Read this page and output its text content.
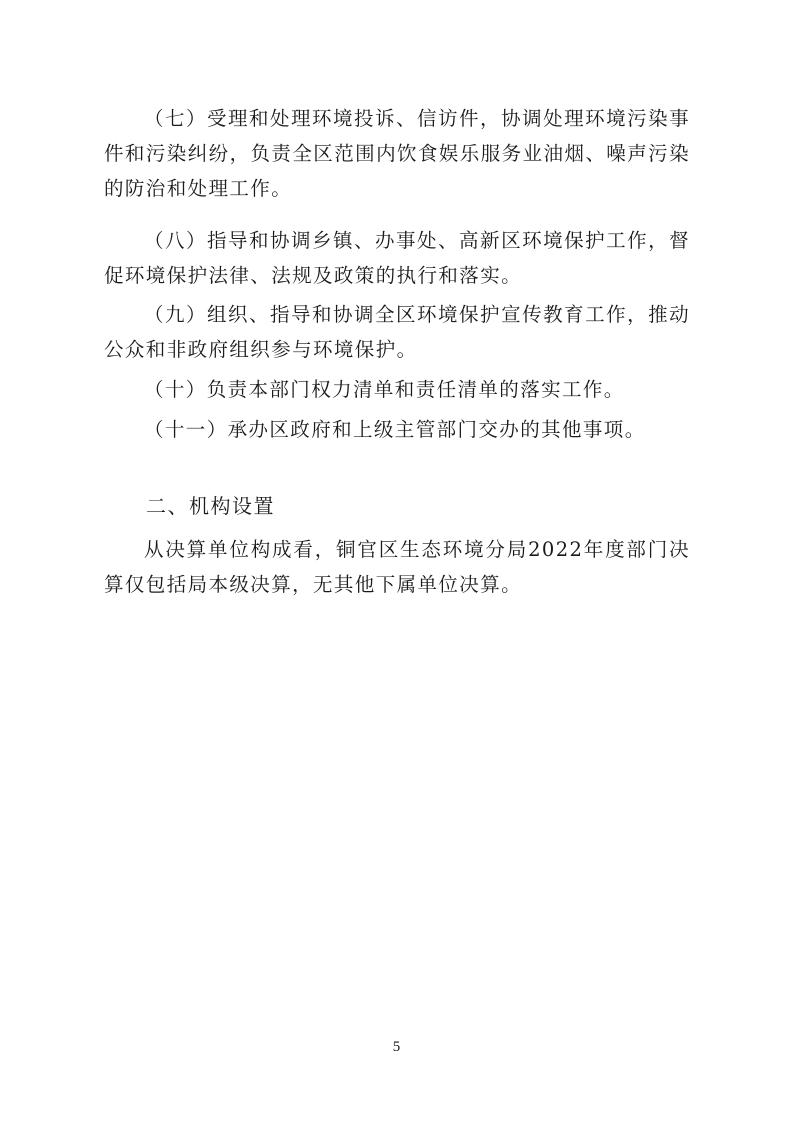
（七）受理和处理环境投诉、信访件，协调处理环境污染事件和污染纠纷，负责全区范围内饮食娱乐服务业油烟、噪声污染的防治和处理工作。

（八）指导和协调乡镇、办事处、高新区环境保护工作，督促环境保护法律、法规及政策的执行和落实。

（九）组织、指导和协调全区环境保护宣传教育工作，推动公众和非政府组织参与环境保护。

（十）负责本部门权力清单和责任清单的落实工作。

（十一）承办区政府和上级主管部门交办的其他事项。

二、机构设置

从决算单位构成看，铜官区生态环境分局2022年度部门决算仅包括局本级决算，无其他下属单位决算。

5
